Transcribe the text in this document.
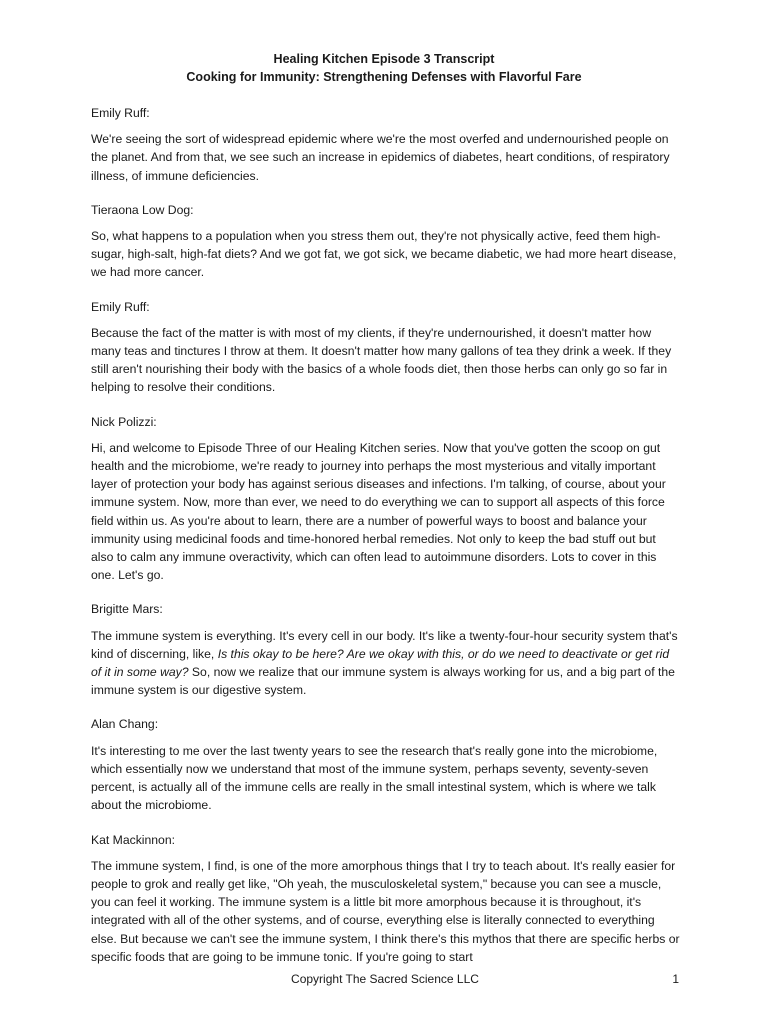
Healing Kitchen Episode 3 Transcript
Cooking for Immunity: Strengthening Defenses with Flavorful Fare

Emily Ruff:

We're seeing the sort of widespread epidemic where we're the most overfed and undernourished people on the planet. And from that, we see such an increase in epidemics of diabetes, heart conditions, of respiratory illness, of immune deficiencies.

Tieraona Low Dog:

So, what happens to a population when you stress them out, they're not physically active, feed them high-sugar, high-salt, high-fat diets? And we got fat, we got sick, we became diabetic, we had more heart disease, we had more cancer.

Emily Ruff:

Because the fact of the matter is with most of my clients, if they're undernourished, it doesn't matter how many teas and tinctures I throw at them. It doesn't matter how many gallons of tea they drink a week. If they still aren't nourishing their body with the basics of a whole foods diet, then those herbs can only go so far in helping to resolve their conditions.

Nick Polizzi:

Hi, and welcome to Episode Three of our Healing Kitchen series. Now that you've gotten the scoop on gut health and the microbiome, we're ready to journey into perhaps the most mysterious and vitally important layer of protection your body has against serious diseases and infections. I'm talking, of course, about your immune system. Now, more than ever, we need to do everything we can to support all aspects of this force field within us. As you're about to learn, there are a number of powerful ways to boost and balance your immunity using medicinal foods and time-honored herbal remedies. Not only to keep the bad stuff out but also to calm any immune overactivity, which can often lead to autoimmune disorders. Lots to cover in this one. Let's go.

Brigitte Mars:

The immune system is everything. It's every cell in our body. It's like a twenty-four-hour security system that's kind of discerning, like, Is this okay to be here? Are we okay with this, or do we need to deactivate or get rid of it in some way? So, now we realize that our immune system is always working for us, and a big part of the immune system is our digestive system.

Alan Chang:

It's interesting to me over the last twenty years to see the research that's really gone into the microbiome, which essentially now we understand that most of the immune system, perhaps seventy, seventy-seven percent, is actually all of the immune cells are really in the small intestinal system, which is where we talk about the microbiome.

Kat Mackinnon:

The immune system, I find, is one of the more amorphous things that I try to teach about. It's really easier for people to grok and really get like, "Oh yeah, the musculoskeletal system," because you can see a muscle, you can feel it working. The immune system is a little bit more amorphous because it is throughout, it's integrated with all of the other systems, and of course, everything else is literally connected to everything else. But because we can't see the immune system, I think there's this mythos that there are specific herbs or specific foods that are going to be immune tonic. If you're going to start

Copyright The Sacred Science LLC	1
